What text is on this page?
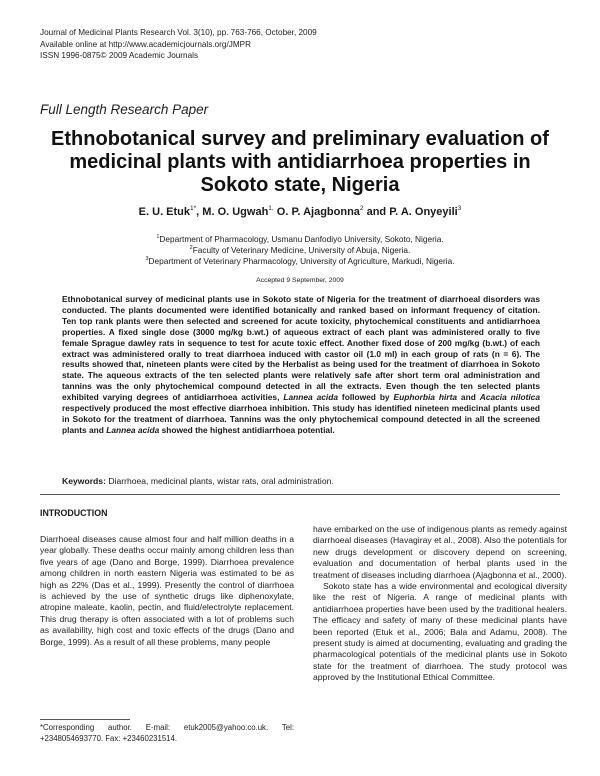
Journal of Medicinal Plants Research Vol. 3(10), pp. 763-766, October, 2009
Available online at http://www.academicjournals.org/JMPR
ISSN 1996-0875© 2009 Academic Journals
Full Length Research Paper
Ethnobotanical survey and preliminary evaluation of
medicinal plants with antidiarrhoea properties in
Sokoto state, Nigeria
E. U. Etuk$^{1*}$, M. O. Ugwah$^{1,}$ O. P. Ajagbonna$^2$ and P. A. Onyeyili$^3$
$^1$Department of Pharmacology, Usmanu Danfodiyo University, Sokoto, Nigeria.
$^2$Faculty of Veterinary Medicine, University of Abuja, Nigeria.
$^3$Department of Veterinary Pharmacology, University of Agriculture, Markudi, Nigeria.
Accepted 9 September, 2009
Ethnobotanical survey of medicinal plants use in Sokoto state of Nigeria for the treatment of diarrhoeal disorders was conducted. The plants documented were identified botanically and ranked based on informant frequency of citation. Ten top rank plants were then selected and screened for acute toxicity, phytochemical constituents and antidiarrhoea properties. A fixed single dose (3000 mg/kg b.wt.) of aqueous extract of each plant was administered orally to five female Sprague dawley rats in sequence to test for acute toxic effect. Another fixed dose of 200 mg/kg (b.wt.) of each extract was administered orally to treat diarrhoea induced with castor oil (1.0 ml) in each group of rats (n = 6). The results showed that, nineteen plants were cited by the Herbalist as being used for the treatment of diarrhoea in Sokoto state. The aqueous extracts of the ten selected plants were relatively safe after short term oral administration and tannins was the only phytochemical compound detected in all the extracts. Even though the ten selected plants exhibited varying degrees of antidiarrhoea activities, Lannea acida followed by Euphorbia hirta and Acacia nilotica respectively produced the most effective diarrhoea inhibition. This study has identified nineteen medicinal plants used in Sokoto for the treatment of diarrhoea. Tannins was the only phytochemical compound detected in all the screened plants and Lannea acida showed the highest antidiarrhoea potential.
Keywords: Diarrhoea, medicinal plants, wistar rats, oral administration.
INTRODUCTION

Diarrhoeal diseases cause almost four and half million deaths in a year globally. These deaths occur mainly among children less than five years of age (Dano and Borge, 1999). Diarrhoea prevalence among children in north eastern Nigeria was estimated to be as high as 22% (Das et al., 1999). Presently the control of diarrhoea is achieved by the use of synthetic drugs like diphenoxylate, atropine maleate, kaolin, pectin, and fluid/electrolyte replacement. This drug therapy is often associated with a lot of problems such as availability, high cost and toxic effects of the drugs (Dano and Borge, 1999). As a result of all these problems, many people

have embarked on the use of indigenous plants as remedy against diarrhoeal diseases (Havagiray et al., 2008). Also the potentials for new drugs development or discovery depend on screening, evaluation and documentation of herbal plants used in the treatment of diseases including diarrhoea (Ajagbonna et al., 2000).

Sokoto state has a wide environmental and ecological diversity like the rest of Nigeria. A range of medicinal plants with antidiarrhoea properties have been used by the traditional healers. The efficacy and safety of many of these medicinal plants have been reported (Etuk et al., 2006; Bala and Adamu, 2008). The present study is aimed at documenting, evaluating and grading the pharmacological potentials of the medicinal plants use in Sokoto state for the treatment of diarrhoea. The study protocol was approved by the Institutional Ethical Committee.

*Corresponding author. E-mail: etuk2005@yahoo.co.uk. Tel: +2348054693770. Fax: +23460231514.
